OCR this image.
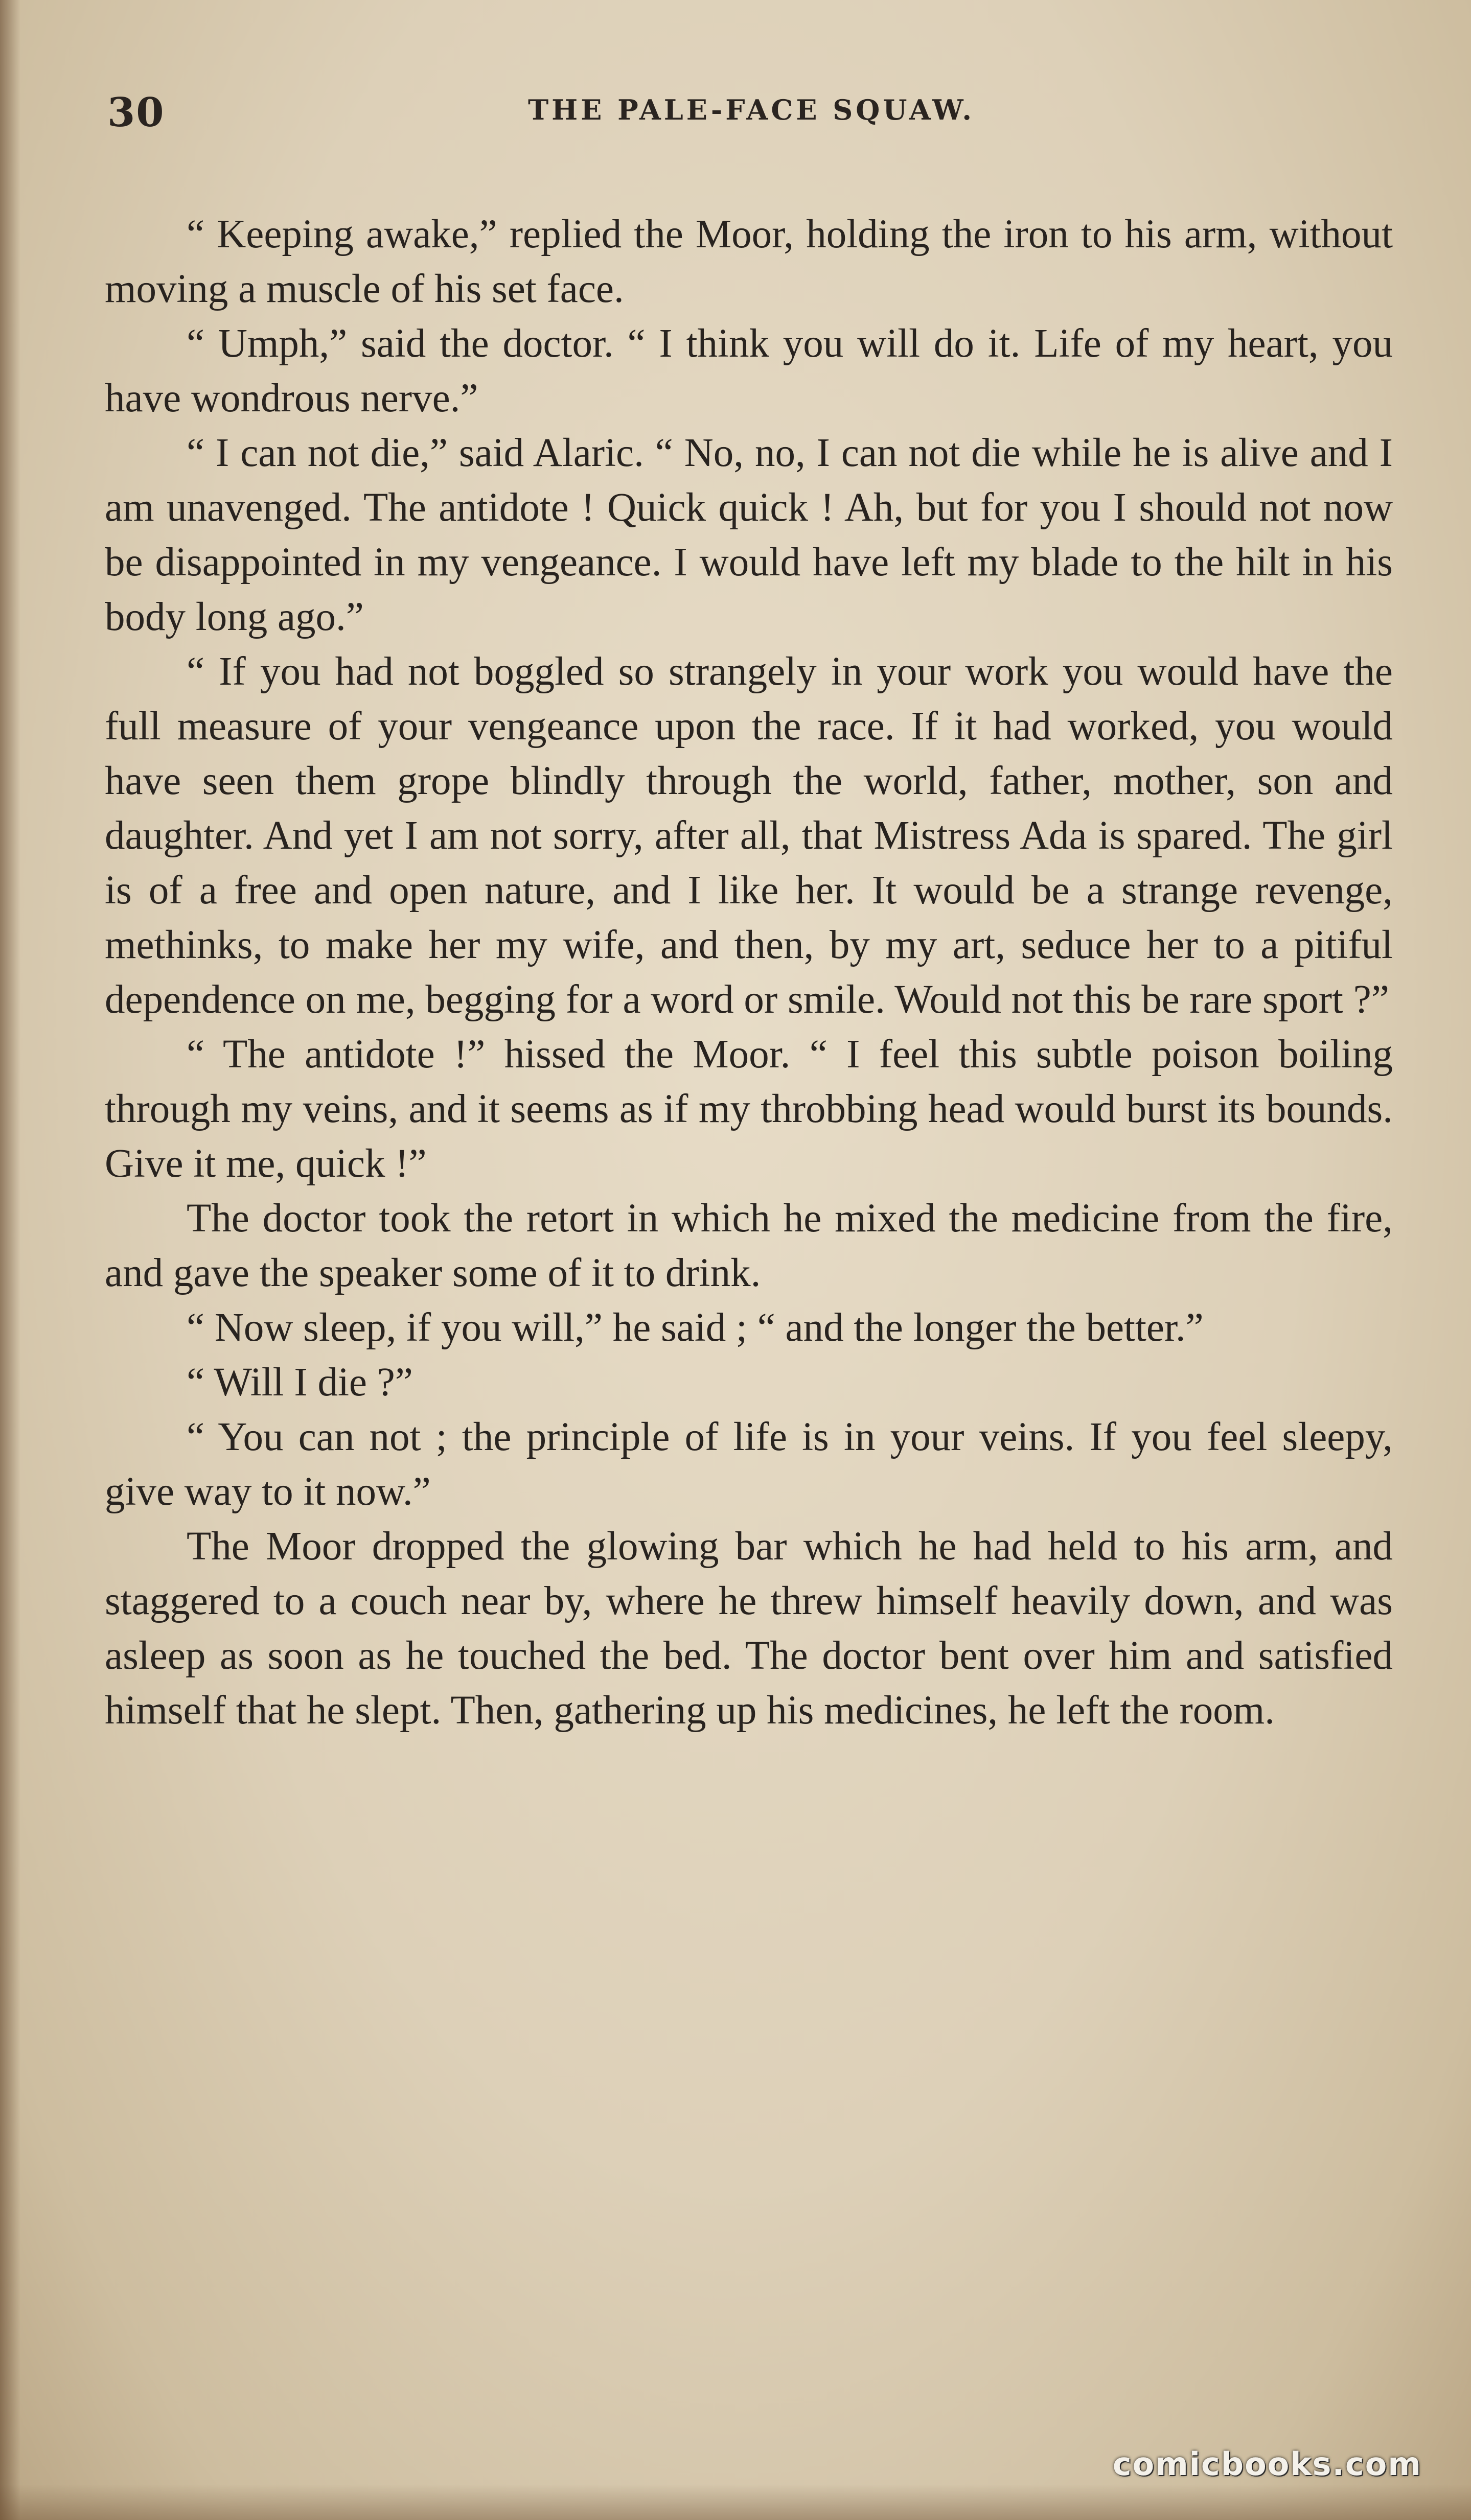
30	THE PALE-FACE SQUAW.

“ Keeping awake,” replied the Moor, holding the iron to his arm, without moving a muscle of his set face.

“ Umph,” said the doctor. “ I think you will do it. Life of my heart, you have wondrous nerve.”

“ I can not die,” said Alaric. “ No, no, I can not die while he is alive and I am unavenged. The antidote ! Quick quick ! Ah, but for you I should not now be disappointed in my vengeance. I would have left my blade to the hilt in his body long ago.”

“ If you had not boggled so strangely in your work you would have the full measure of your vengeance upon the race. If it had worked, you would have seen them grope blindly through the world, father, mother, son and daughter. And yet I am not sorry, after all, that Mistress Ada is spared. The girl is of a free and open nature, and I like her. It would be a strange revenge, methinks, to make her my wife, and then, by my art, seduce her to a pitiful dependence on me, begging for a word or smile. Would not this be rare sport ?”

“ The antidote !” hissed the Moor. “ I feel this subtle poison boiling through my veins, and it seems as if my throbbing head would burst its bounds. Give it me, quick !”

The doctor took the retort in which he mixed the medicine from the fire, and gave the speaker some of it to drink.

“ Now sleep, if you will,” he said ; “ and the longer the better.”

“ Will I die ?”

“ You can not ; the principle of life is in your veins. If you feel sleepy, give way to it now.”

The Moor dropped the glowing bar which he had held to his arm, and staggered to a couch near by, where he threw himself heavily down, and was asleep as soon as he touched the bed. The doctor bent over him and satisfied himself that he slept. Then, gathering up his medicines, he left the room.

comicbooks.com
